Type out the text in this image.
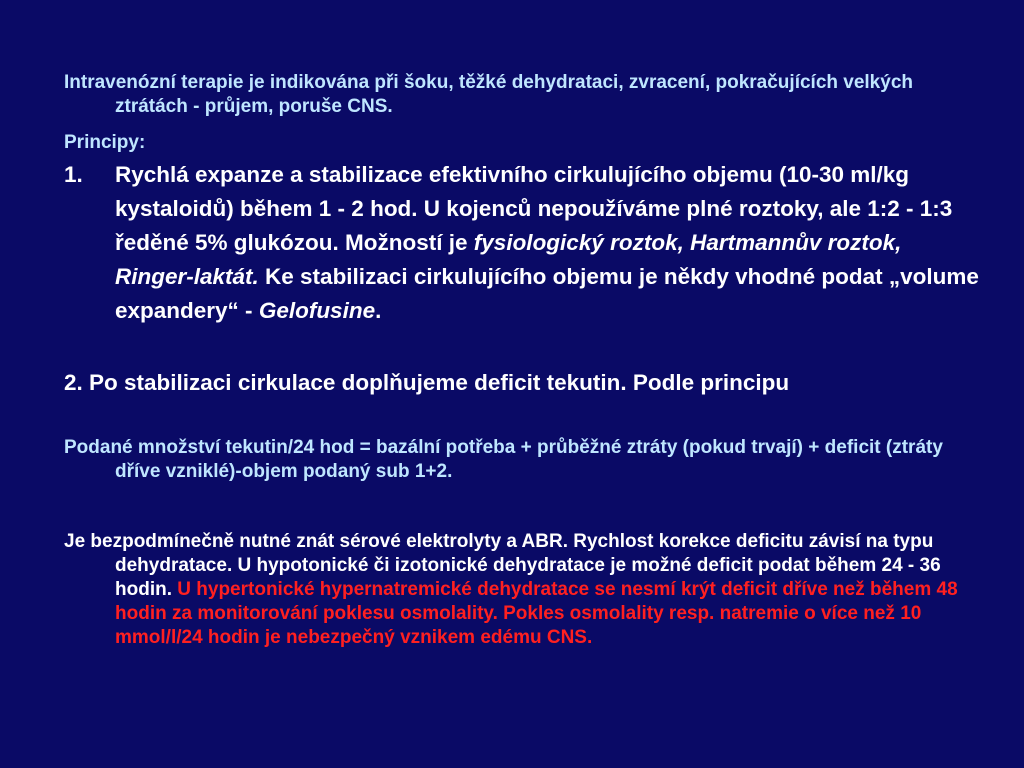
Intravenózní terapie je indikována při šoku, těžké dehydrataci, zvracení, pokračujících velkých ztrátách - průjem, poruše CNS.

Principy:

1. Rychlá expanze a stabilizace efektivního cirkulujícího objemu (10-30 ml/kg kystaloidů) během 1 - 2 hod. U kojenců nepoužíváme plné roztoky, ale 1:2 - 1:3 ředěné 5% glukózou. Možností je fysiologický roztok, Hartmannův roztok, Ringer-laktát. Ke stabilizaci cirkulujícího objemu je někdy vhodné podat „volume expandery“ - Gelofusine.

2. Po stabilizaci cirkulace doplňujeme deficit tekutin. Podle principu

Podané množství tekutin/24 hod = bazální potřeba + průběžné ztráty (pokud trvají) + deficit (ztráty dříve vzniklé)-objem podaný sub 1+2.

Je bezpodmínečně nutné znát sérové elektrolyty a ABR. Rychlost korekce deficitu závisí na typu dehydratace. U hypotonické či izotonické dehydratace je možné deficit podat během 24 - 36 hodin. U hypertonické hypernatremické dehydratace se nesmí krýt deficit dříve než během 48 hodin za monitorování poklesu osmolality. Pokles osmolality resp. natremie o více než 10 mmol/l/24 hodin je nebezpečný vznikem edému CNS.
